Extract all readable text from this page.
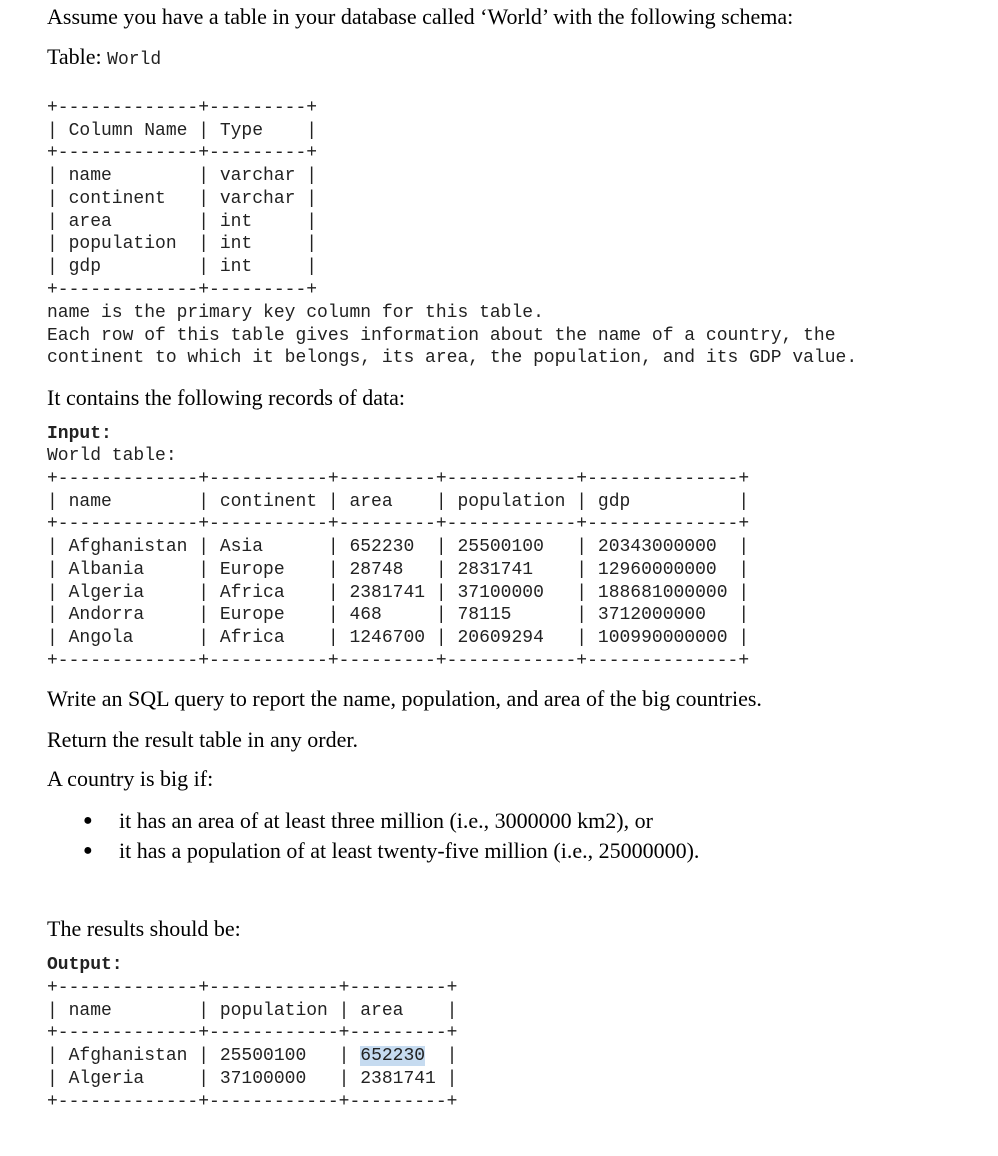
Assume you have a table in your database called ‘World’ with the following schema:

Table: World

+-------------+---------+
| Column Name | Type    |
+-------------+---------+
| name        | varchar |
| continent   | varchar |
| area        | int     |
| population  | int     |
| gdp         | int     |
+-------------+---------+
name is the primary key column for this table.
Each row of this table gives information about the name of a country, the
continent to which it belongs, its area, the population, and its GDP value.

It contains the following records of data:

Input:
World table:
+-------------+-----------+---------+------------+--------------+
| name        | continent | area    | population | gdp          |
+-------------+-----------+---------+------------+--------------+
| Afghanistan | Asia      | 652230  | 25500100   | 20343000000  |
| Albania     | Europe    | 28748   | 2831741    | 12960000000  |
| Algeria     | Africa    | 2381741 | 37100000   | 188681000000 |
| Andorra     | Europe    | 468     | 78115      | 3712000000   |
| Angola      | Africa    | 1246700 | 20609294   | 100990000000 |
+-------------+-----------+---------+------------+--------------+

Write an SQL query to report the name, population, and area of the big countries.

Return the result table in any order.

A country is big if:

● it has an area of at least three million (i.e., 3000000 km2), or
● it has a population of at least twenty-five million (i.e., 25000000).

The results should be:

Output:
+-------------+------------+---------+
| name        | population | area    |
+-------------+------------+---------+
| Afghanistan | 25500100   | 652230  |
| Algeria     | 37100000   | 2381741 |
+-------------+------------+---------+
